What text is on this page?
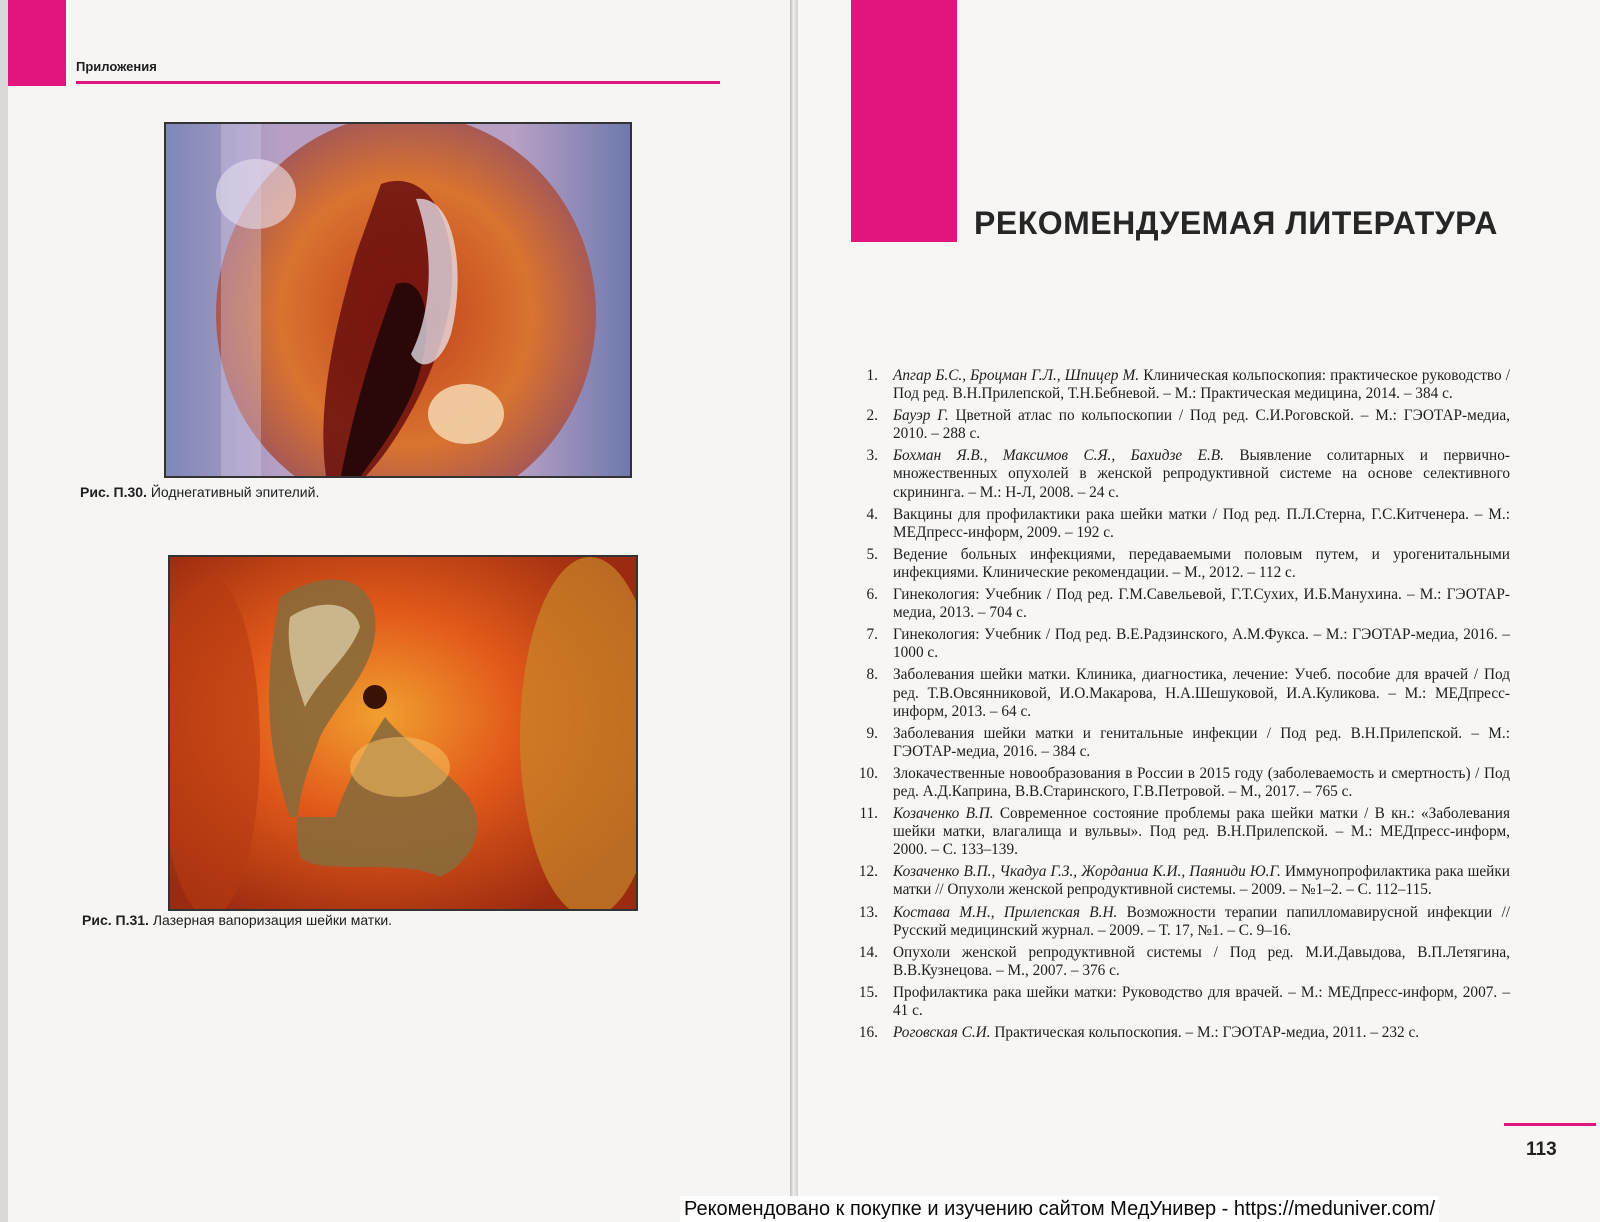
Приложения
Рис. П.30. Йоднегативный эпителий.
Рис. П.31. Лазерная вапоризация шейки матки.
РЕКОМЕНДУЕМАЯ ЛИТЕРАТУРА
1. Апгар Б.С., Броцман Г.Л., Шпицер М. Клиническая кольпоскопия: практическое руководство / Под ред. В.Н.Прилепской, Т.Н.Бебневой. – М.: Практическая медицина, 2014. – 384 с.
2. Бауэр Г. Цветной атлас по кольпоскопии / Под ред. С.И.Роговской. – М.: ГЭОТАР-медиа, 2010. – 288 с.
3. Бохман Я.В., Максимов С.Я., Бахидзе Е.В. Выявление солитарных и первично-множественных опухолей в женской репродуктивной системе на основе селективного скрининга. – М.: Н-Л, 2008. – 24 с.
4. Вакцины для профилактики рака шейки матки / Под ред. П.Л.Стерна, Г.С.Китченера. – М.: МЕДпресс-информ, 2009. – 192 с.
5. Ведение больных инфекциями, передаваемыми половым путем, и урогенитальными инфекциями. Клинические рекомендации. – М., 2012. – 112 с.
6. Гинекология: Учебник / Под ред. Г.М.Савельевой, Г.Т.Сухих, И.Б.Манухина. – М.: ГЭОТАР-медиа, 2013. – 704 с.
7. Гинекология: Учебник / Под ред. В.Е.Радзинского, А.М.Фукса. – М.: ГЭОТАР-медиа, 2016. – 1000 с.
8. Заболевания шейки матки. Клиника, диагностика, лечение: Учеб. пособие для врачей / Под ред. Т.В.Овсянниковой, И.О.Макарова, Н.А.Шешуковой, И.А.Куликова. – М.: МЕДпресс-информ, 2013. – 64 с.
9. Заболевания шейки матки и генитальные инфекции / Под ред. В.Н.Прилепской. – М.: ГЭОТАР-медиа, 2016. – 384 с.
10. Злокачественные новообразования в России в 2015 году (заболеваемость и смертность) / Под ред. А.Д.Каприна, В.В.Старинского, Г.В.Петровой. – М., 2017. – 765 с.
11. Козаченко В.П. Современное состояние проблемы рака шейки матки / В кн.: «Заболевания шейки матки, влагалища и вульвы». Под ред. В.Н.Прилепской. – М.: МЕДпресс-информ, 2000. – С. 133–139.
12. Козаченко В.П., Чкадуа Г.З., Жорданиа К.И., Паяниди Ю.Г. Иммунопрофилактика рака шейки матки // Опухоли женской репродуктивной системы. – 2009. – №1–2. – С. 112–115.
13. Костава М.Н., Прилепская В.Н. Возможности терапии папилломавирусной инфекции // Русский медицинский журнал. – 2009. – Т. 17, №1. – С. 9–16.
14. Опухоли женской репродуктивной системы / Под ред. М.И.Давыдова, В.П.Летягина, В.В.Кузнецова. – М., 2007. – 376 с.
15. Профилактика рака шейки матки: Руководство для врачей. – М.: МЕДпресс-информ, 2007. – 41 с.
16. Роговская С.И. Практическая кольпоскопия. – М.: ГЭОТАР-медиа, 2011. – 232 с.
113
Рекомендовано к покупке и изучению сайтом МедУнивер - https://meduniver.com/
